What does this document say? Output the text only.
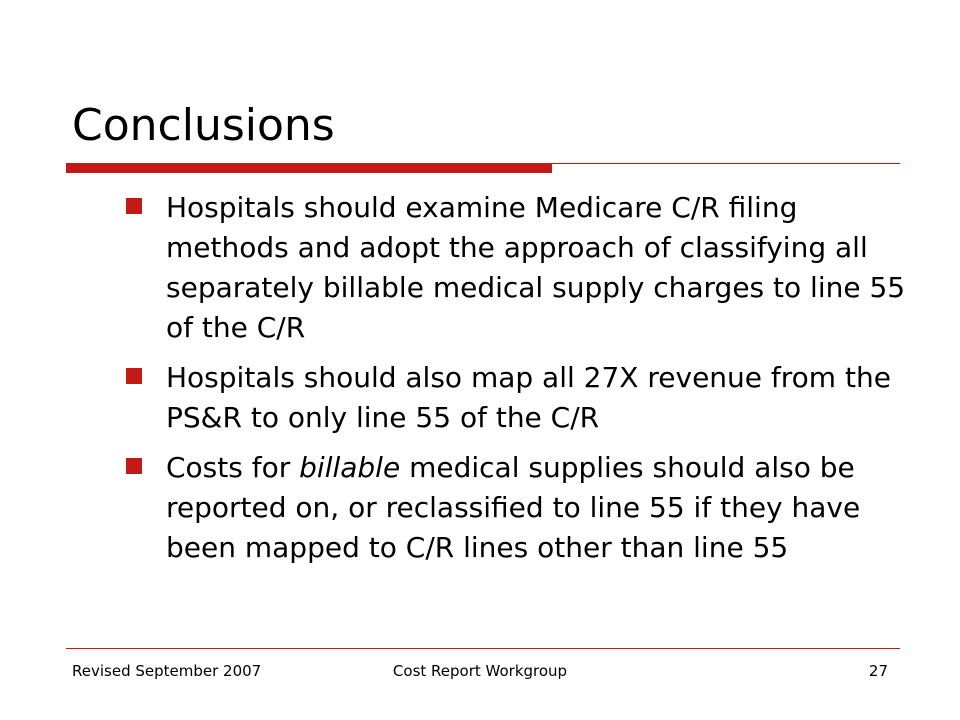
Conclusions
Hospitals should examine Medicare C/R filing methods and adopt the approach of classifying all separately billable medical supply charges to line 55 of the C/R
Hospitals should also map all 27X revenue from the PS&R to only line 55 of the C/R
Costs for billable medical supplies should also be reported on, or reclassified to line 55 if they have been mapped to C/R lines other than line 55
Revised September 2007	Cost Report Workgroup	27
